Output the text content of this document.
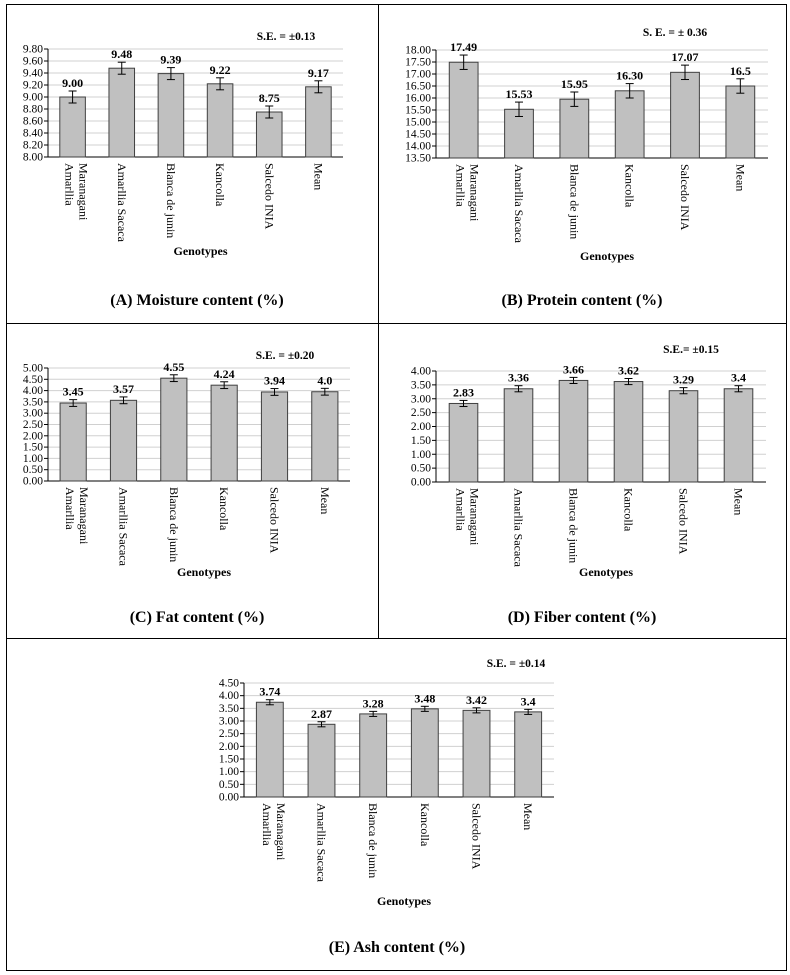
9.80
9.60
9.40
9.20
9.00
8.80
8.60
8.40
8.20
8.00
9.00
Amarllia Maranagani
9.48
Amarllia Sacaca
9.39
Blanca de junin
9.22
Kancolla
8.75
Salcedo INIA
9.17
Mean
S.E. = ±0.13
Genotypes
(A) Moisture content (%)
18.00
17.50
17.00
16.50
16.00
15.50
15.00
14.50
14.00
13.50
17.49
Amarllia Maranagani
15.53
Amarllia Sacaca
15.95
Blanca de junin
16.30
Kancolla
17.07
Salcedo INIA
16.5
Mean
S. E. = ± 0.36
Genotypes
(B) Protein content (%)
5.00
4.50
4.00
3.50
3.00
2.50
2.00
1.50
1.00
0.50
0.00
3.45
Amarllia Maranagani
3.57
Amarllia Sacaca
4.55
Blanca de junin
4.24
Kancolla
3.94
Salcedo INIA
4.0
Mean
S.E. = ±0.20
Genotypes
(C) Fat content (%)
4.00
3.50
3.00
2.50
2.00
1.50
1.00
0.50
0.00
2.83
Amarllia Maranagani
3.36
Amarllia Sacaca
3.66
Blanca de junin
3.62
Kancolla
3.29
Salcedo INIA
3.4
Mean
S.E.= ±0.15
Genotypes
(D) Fiber content (%)
4.50
4.00
3.50
3.00
2.50
2.00
1.50
1.00
0.50
0.00
3.74
Amarllia Maranagani
2.87
Amarllia Sacaca
3.28
Blanca de junin
3.48
Kancolla
3.42
Salcedo INIA
3.4
Mean
S.E. = ±0.14
Genotypes
(E) Ash content (%)
